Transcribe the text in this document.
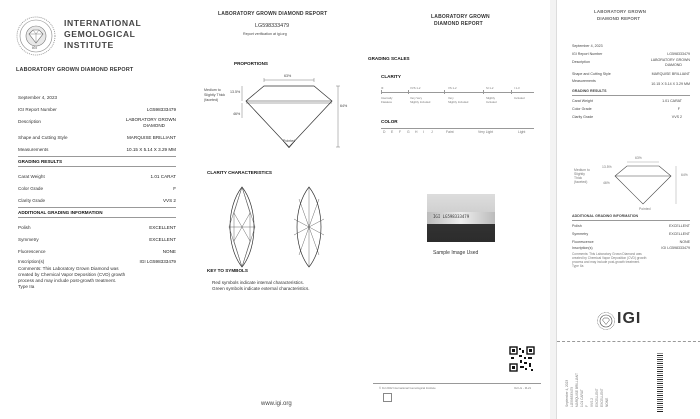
IGI
INTERNATIONAL
GEMOLOGICAL
INSTITUTE
LABORATORY GROWN DIAMOND REPORT
September 4, 2023
IGI Report Number	LG598333479
Description	LABORATORY GROWN
DIAMOND
Shape and Cutting Style	MARQUISE BRILLIANT
Measurements	10.15 X 5.14 X 3.29 MM
GRADING RESULTS
Carat Weight	1.01 CARAT
Color Grade	F
Clarity Grade	VVS 2
ADDITIONAL GRADING INFORMATION
Polish	EXCELLENT
Symmetry	EXCELLENT
Fluorescence	NONE
Inscription(s)	IGI LG598333479
Comments: This Laboratory Grown Diamond was
created by Chemical Vapor Deposition (CVD) growth
process and may include post-growth treatment.
Type IIa
LABORATORY GROWN DIAMOND REPORT
LG598333479
Report verification at igi.org
LABORATORY GROWN
DIAMOND REPORT
PROPORTIONS
63%
13.5%
46%
64%
Medium to
Slightly Thick
(faceted)
Pointed
GRADING SCALES
CLARITY
IF
Internally
Flawless
VVS 1-2
Very Very
Slightly Included
VS 1-2
Very
Slightly Included
SI 1-2
Slightly
Included
I 1-3
Included
COLOR
D E F G H I J	Faint	Very Light	Light
CLARITY CHARACTERISTICS
KEY TO SYMBOLS
Red symbols indicate internal characteristics.
Green symbols indicate external characteristics.
IGI LG598333479
Sample Image Used
© IGI 2022 International Gemological Institute	IGI LG - M-21
www.igi.org
LABORATORY GROWN
DIAMOND REPORT
September 4, 2023
IGI Report Number	LG598333479
Description	LABORATORY GROWN
DIAMOND
Shape and Cutting Style	MARQUISE BRILLIANT
Measurements
10.15 X 5.14 X 3.29 MM
GRADING RESULTS
Carat Weight	1.01 CARAT
Color Grade	F
Clarity Grade	VVS 2
63%
13.5%
46%
64%
Medium to
Slightly
Thick
(faceted)
Pointed
ADDITIONAL GRADING INFORMATION
Polish	EXCELLENT
Symmetry	EXCELLENT
Fluorescence	NONE
Inscription(s)	IGI LG598333479
Comments: This Laboratory Grown Diamond was
created by Chemical Vapor Deposition (CVD) growth
process and may include post-growth treatment.
Type IIa
IGI
September 4, 2023 LG598333479 MARQUISE BRILLIANT 1.01 CARAT F VVS 2 EXCELLENT EXCELLENT NONE
